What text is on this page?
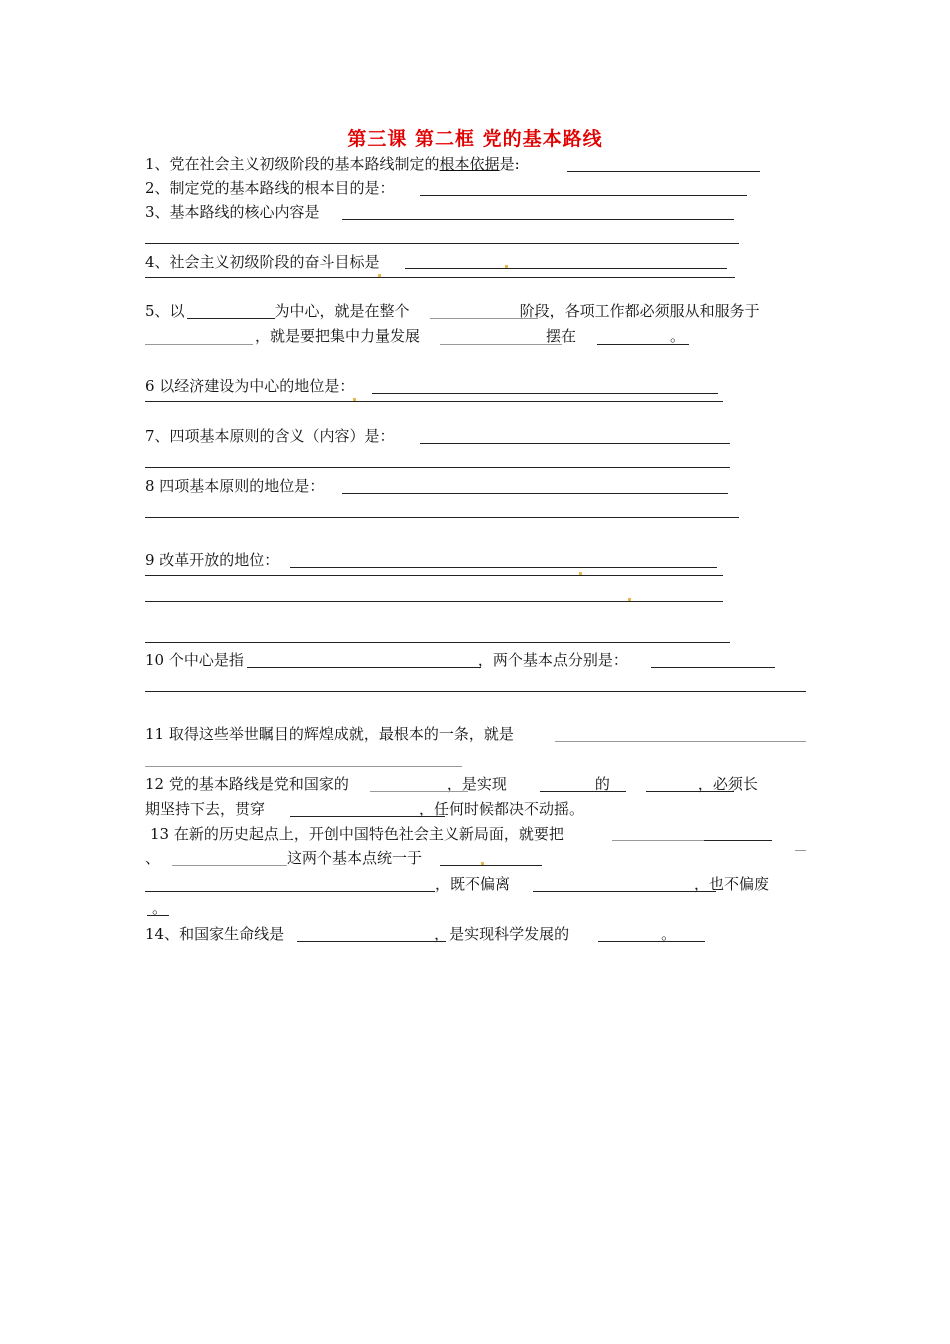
第三课 第二框 党的基本路线
1、党在社会主义初级阶段的基本路线制定的根本依据是:
2、制定党的基本路线的根本目的是：
3、基本路线的核心内容是
4、社会主义初级阶段的奋斗目标是
5、以	为中心，就是在整个	阶段，各项工作都必须服从和服务于
，就是要把集中力量发展	摆在	。
6 以经济建设为中心的地位是：
7、四项基本原则的含义（内容）是：
8 四项基本原则的地位是：
9 改革开放的地位：
10 个中心是指	，两个基本点分别是：
11 取得这些举世瞩目的辉煌成就，最根本的一条，就是
12 党的基本路线是党和国家的	，是实现	的	，必须长
期坚持下去，贯穿	，任何时候都决不动摇。
13 在新的历史起点上，开创中国特色社会主义新局面，就要把
、	这两个基本点统一于
，既不偏离	，也不偏废
。
14、和国家生命线是	，是实现科学发展的	。
